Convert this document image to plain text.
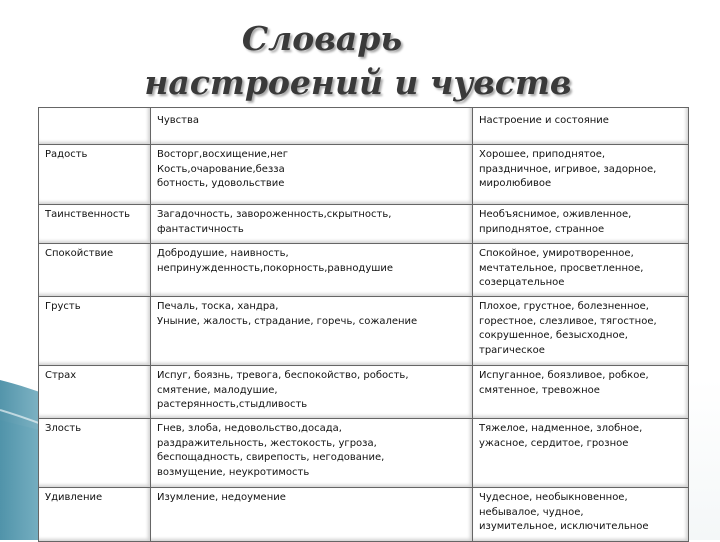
Словарь
настроений и чувств
	Чувства	Настроение и состояние

Радость	Восторг,восхищение,нег
Кость,очарование,безза
ботность, удовольствие	Хорошее, приподнятое,
праздничное, игривое, задорное,
миролюбивое

Таинственность	Загадочность, завороженность,скрытность,
фантастичность	Необъяснимое, оживленное,
приподнятое, странное

Спокойствие	Добродушие, наивность,
непринужденность,покорность,равнодушие	Спокойное, умиротворенное,
мечтательное, просветленное,
созерцательное

Грусть	Печаль, тоска, хандра,
Уныние, жалость, страдание, горечь, сожаление	Плохое, грустное, болезненное,
горестное, слезливое, тягостное,
сокрушенное, безысходное,
трагическое

Страх	Испуг, боязнь, тревога, беспокойство, робость,
смятение, малодушие,
растерянность,стыдливость	Испуганное, боязливое, робкое,
смятенное, тревожное

Злость	Гнев, злоба, недовольство,досада,
раздражительность, жестокость, угроза,
беспощадность, свирепость, негодование,
возмущение, неукротимость	Тяжелое, надменное, злобное,
ужасное, сердитое, грозное

Удивление	Изумление, недоумение	Чудесное, необыкновенное,
небывалое, чудное,
изумительное, исключительное
